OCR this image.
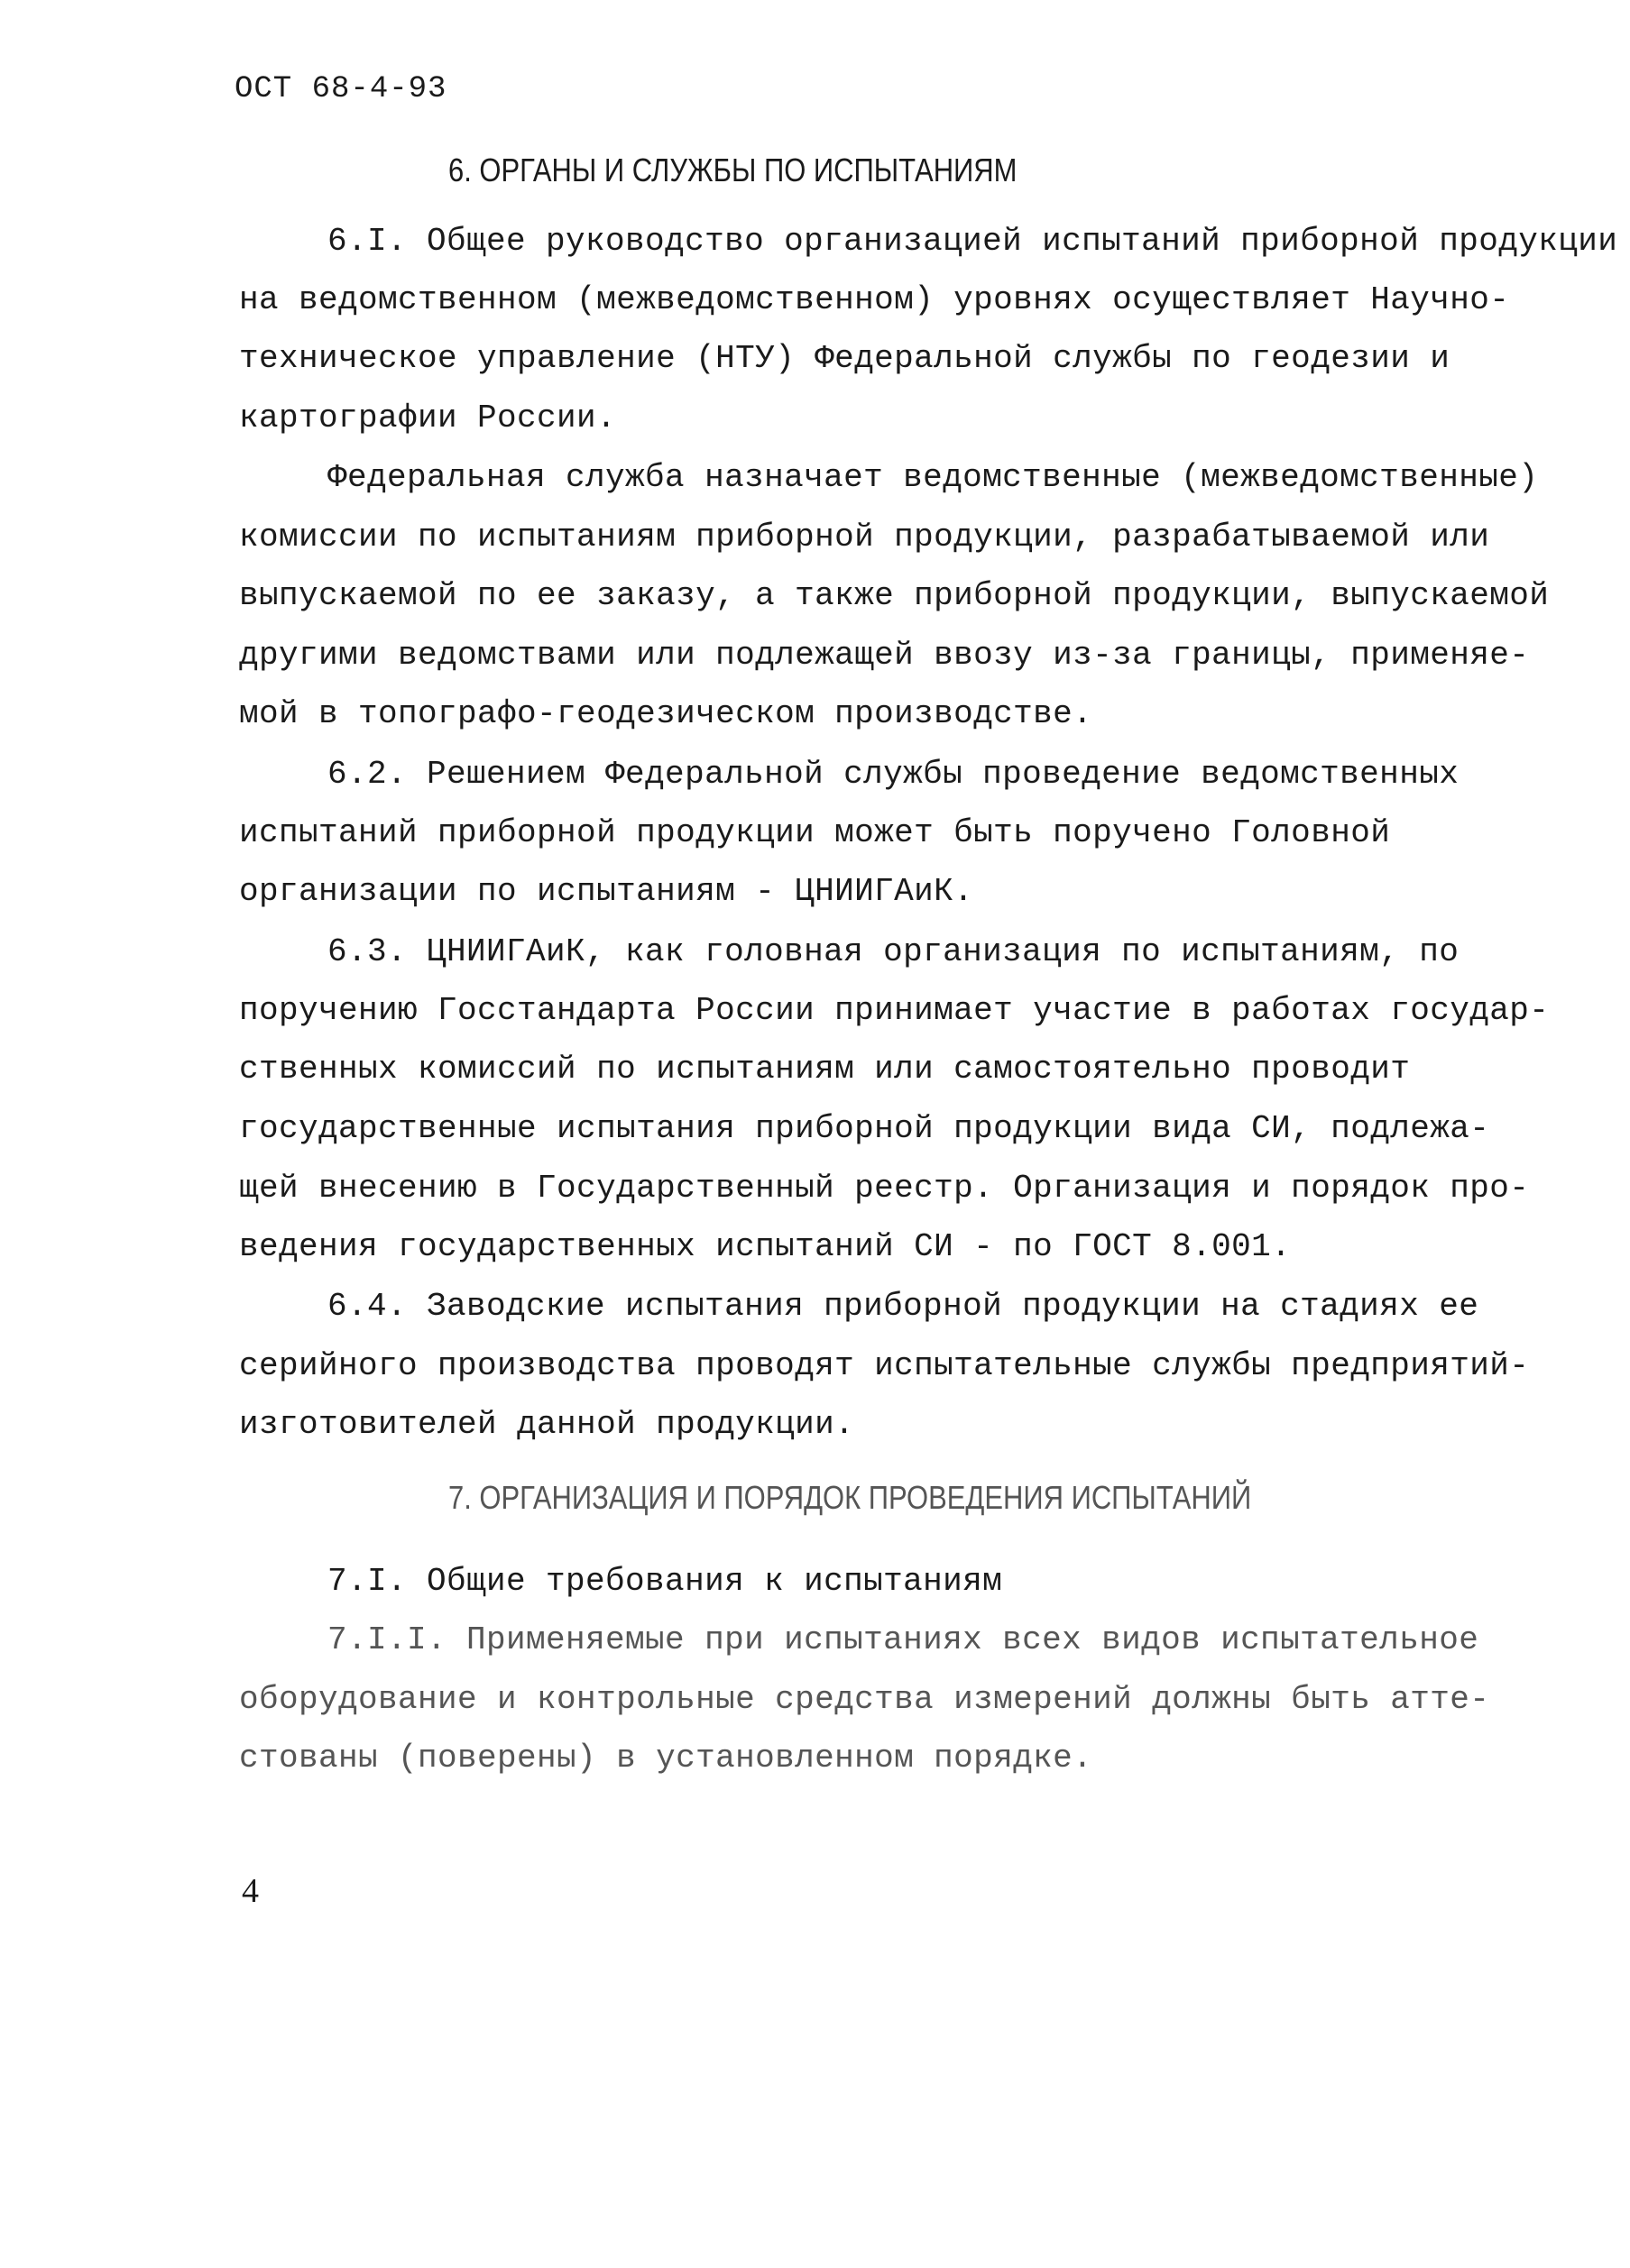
ОСТ 68-4-93
6. ОРГАНЫ И СЛУЖБЫ ПО ИСПЫТАНИЯМ
6.I. Общее руководство организацией испытаний приборной продукции
на ведомственном (межведомственном) уровнях осуществляет Научно-
техническое управление (НТУ) Федеральной службы по геодезии и
картографии России.
Федеральная служба назначает ведомственные (межведомственные)
комиссии по испытаниям приборной продукции, разрабатываемой или
выпускаемой по ее заказу, а также приборной продукции, выпускаемой
другими ведомствами или подлежащей ввозу из-за границы, применяе-
мой в топографо-геодезическом производстве.
6.2. Решением Федеральной службы проведение ведомственных
испытаний приборной продукции может быть поручено Головной
организации по испытаниям - ЦНИИГАиК.
6.3. ЦНИИГАиК, как головная организация по испытаниям, по
поручению Госстандарта России принимает участие в работах государ-
ственных комиссий по испытаниям или самостоятельно проводит
государственные испытания приборной продукции вида СИ, подлежа-
щей внесению в Государственный реестр. Организация и порядок про-
ведения государственных испытаний СИ - по ГОСТ 8.001.
6.4. Заводские испытания приборной продукции на стадиях ее
серийного производства проводят испытательные службы предприятий-
изготовителей данной продукции.
7. ОРГАНИЗАЦИЯ И ПОРЯДОК ПРОВЕДЕНИЯ ИСПЫТАНИЙ
7.I. Общие требования к испытаниям
7.I.I. Применяемые при испытаниях всех видов испытательное
оборудование и контрольные средства измерений должны быть атте-
стованы (поверены) в установленном порядке.
4
